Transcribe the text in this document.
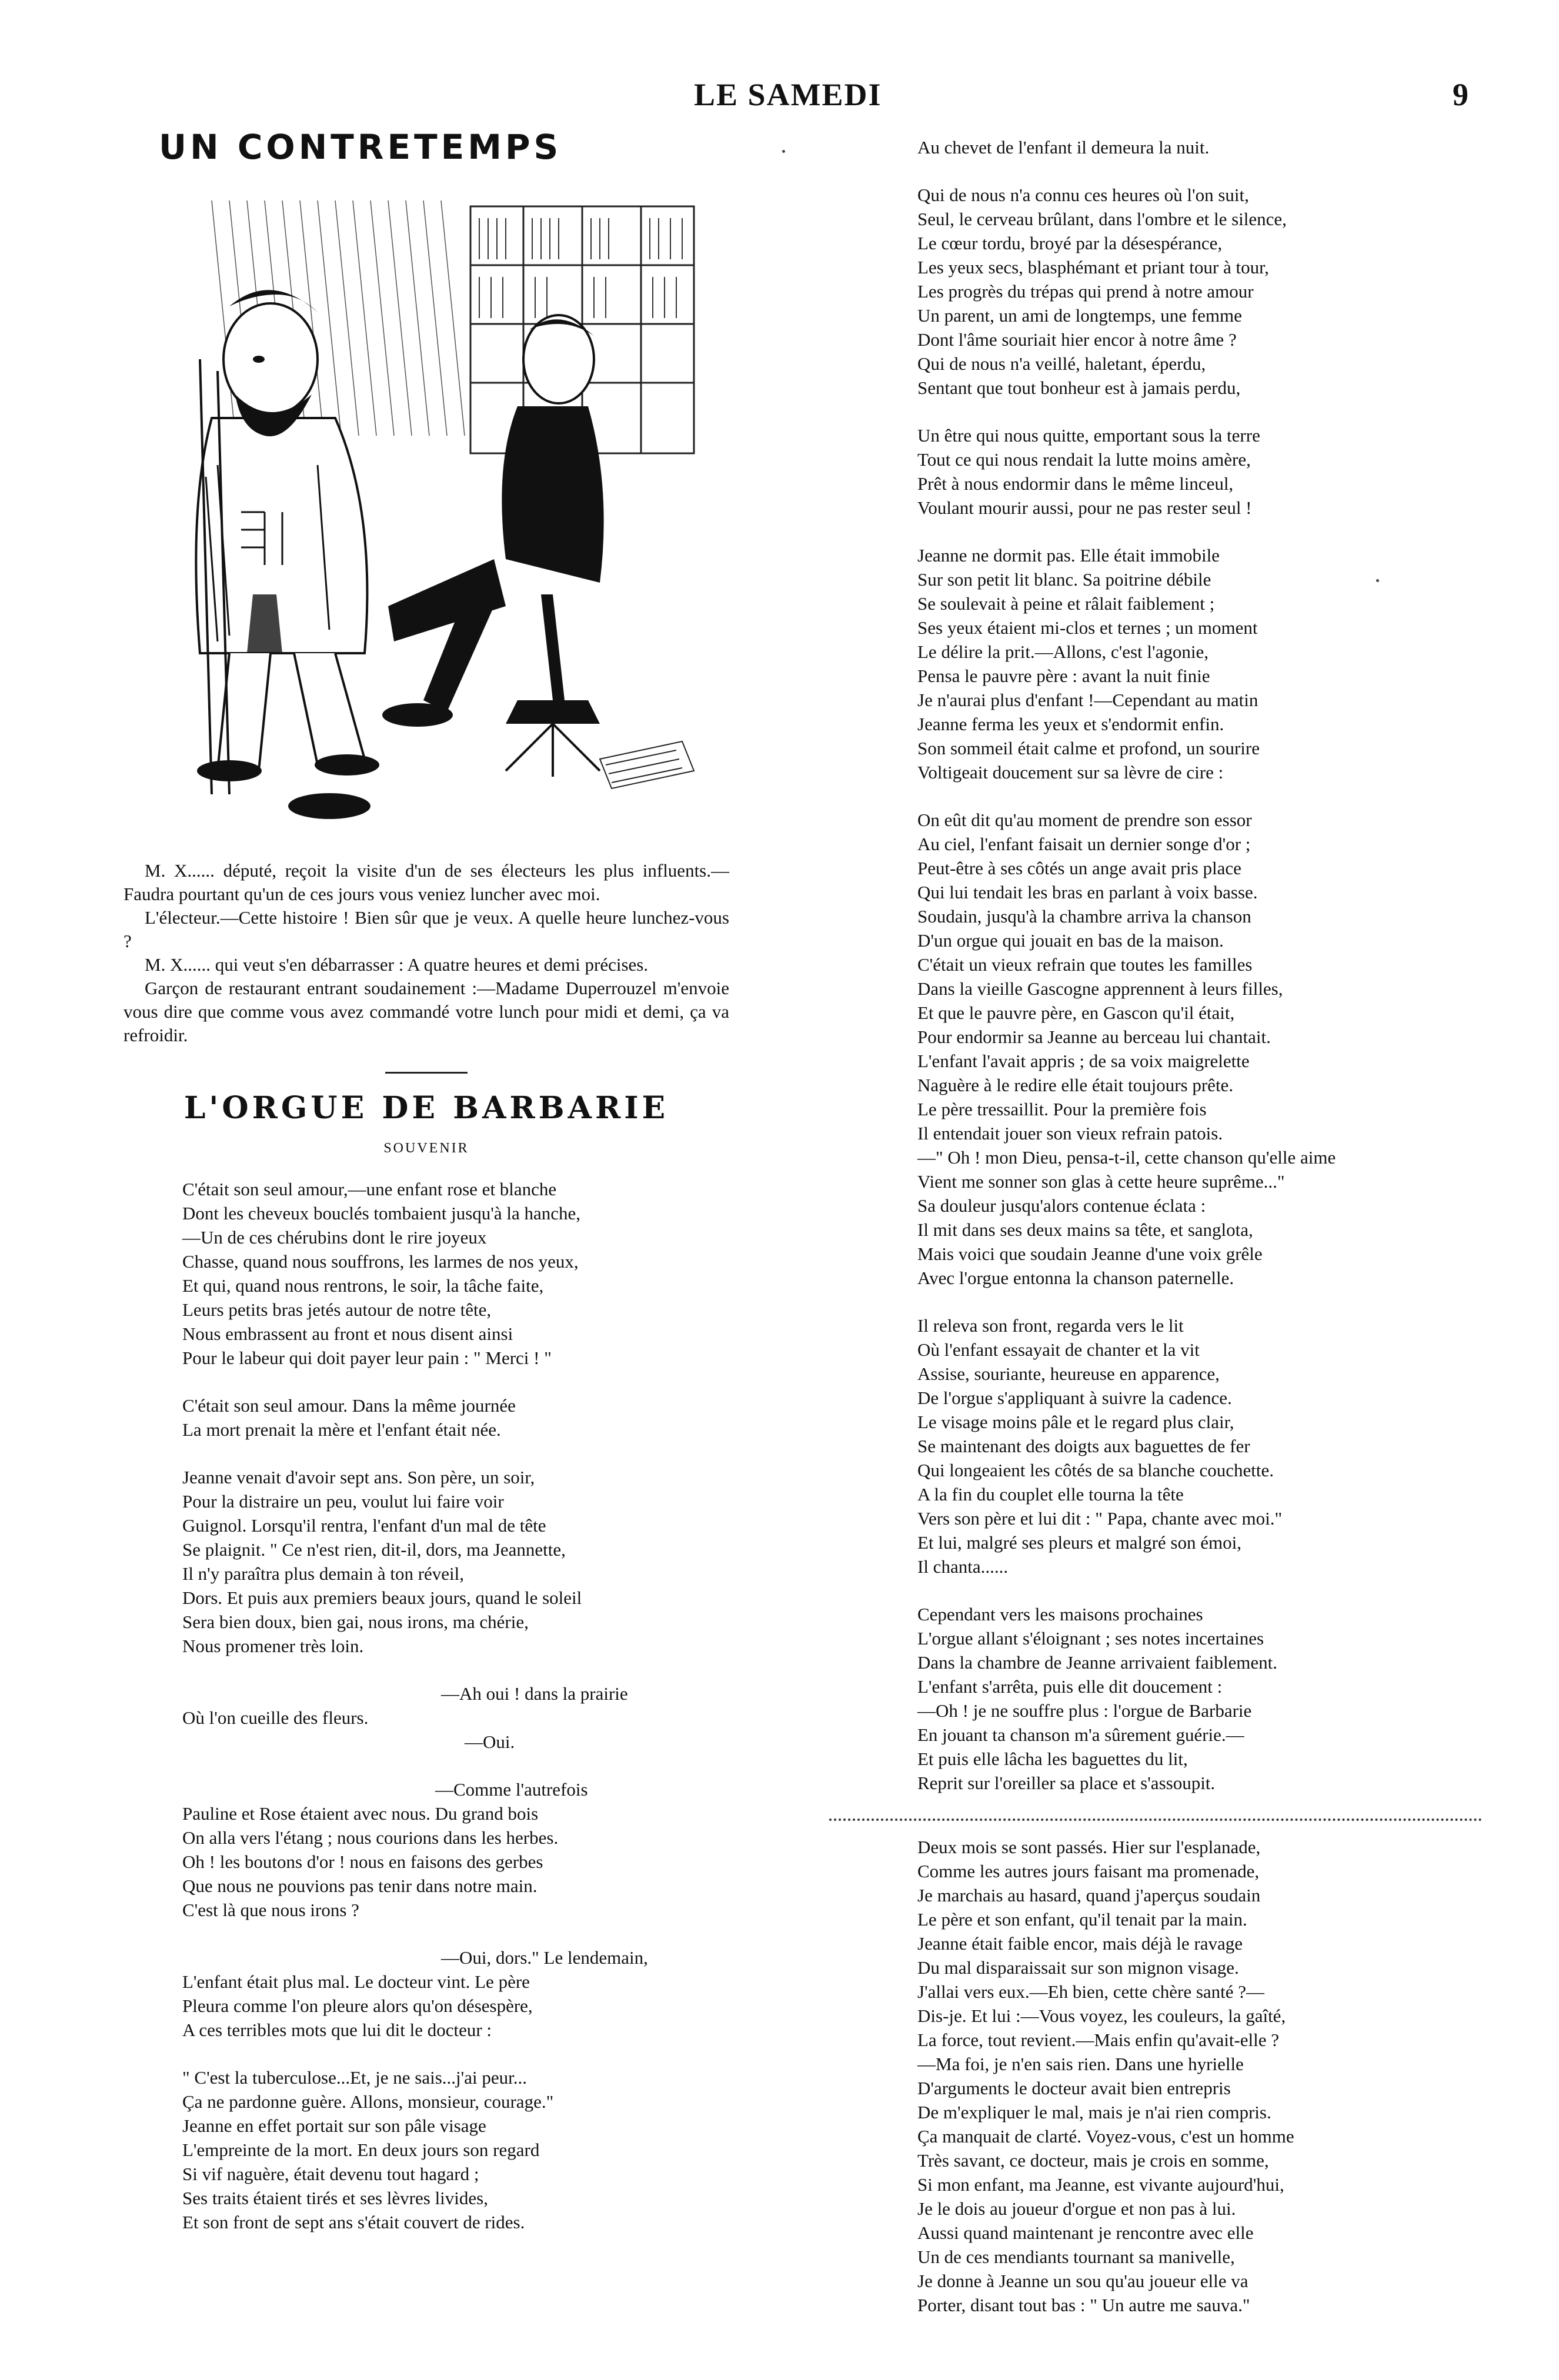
LE SAMEDI	9
UN CONTRETEMPS

M. X...... député, reçoit la visite d'un de ses électeurs les plus influents.—Faudra pourtant qu'un de ces jours vous veniez luncher avec moi.

L'électeur.—Cette histoire ! Bien sûr que je veux. A quelle heure lunchez-vous ?

M. X...... qui veut s'en débarrasser : A quatre heures et demi précises.

Garçon de restaurant entrant soudainement :—Madame Duperrouzel m'envoie vous dire que comme vous avez commandé votre lunch pour midi et demi, ça va refroidir.

L'ORGUE DE BARBARIE
SOUVENIR
C'était son seul amour,—une enfant rose et blanche
Dont les cheveux bouclés tombaient jusqu'à la hanche,
—Un de ces chérubins dont le rire joyeux
Chasse, quand nous souffrons, les larmes de nos yeux,
Et qui, quand nous rentrons, le soir, la tâche faite,
Leurs petits bras jetés autour de notre tête,
Nous embrassent au front et nous disent ainsi
Pour le labeur qui doit payer leur pain : " Merci ! "
C'était son seul amour. Dans la même journée
La mort prenait la mère et l'enfant était née.
Jeanne venait d'avoir sept ans. Son père, un soir,
Pour la distraire un peu, voulut lui faire voir
Guignol. Lorsqu'il rentra, l'enfant d'un mal de tête
Se plaignit. " Ce n'est rien, dit-il, dors, ma Jeannette,
Il n'y paraîtra plus demain à ton réveil,
Dors. Et puis aux premiers beaux jours, quand le soleil
Sera bien doux, bien gai, nous irons, ma chérie,
Nous promener très loin.
—Ah oui ! dans la prairie
Où l'on cueille des fleurs.
—Oui.
—Comme l'autrefois
Pauline et Rose étaient avec nous. Du grand bois
On alla vers l'étang ; nous courions dans les herbes.
Oh ! les boutons d'or ! nous en faisons des gerbes
Que nous ne pouvions pas tenir dans notre main.
C'est là que nous irons ?
—Oui, dors." Le lendemain,
L'enfant était plus mal. Le docteur vint. Le père
Pleura comme l'on pleure alors qu'on désespère,
A ces terribles mots que lui dit le docteur :
" C'est la tuberculose...Et, je ne sais...j'ai peur...
Ça ne pardonne guère. Allons, monsieur, courage."
Jeanne en effet portait sur son pâle visage
L'empreinte de la mort. En deux jours son regard
Si vif naguère, était devenu tout hagard ;
Ses traits étaient tirés et ses lèvres livides,
Et son front de sept ans s'était couvert de rides.
Au chevet de l'enfant il demeura la nuit.
Qui de nous n'a connu ces heures où l'on suit,
Seul, le cerveau brûlant, dans l'ombre et le silence,
Le cœur tordu, broyé par la désespérance,
Les yeux secs, blasphémant et priant tour à tour,
Les progrès du trépas qui prend à notre amour
Un parent, un ami de longtemps, une femme
Dont l'âme souriait hier encor à notre âme ?
Qui de nous n'a veillé, haletant, éperdu,
Sentant que tout bonheur est à jamais perdu,
Un être qui nous quitte, emportant sous la terre
Tout ce qui nous rendait la lutte moins amère,
Prêt à nous endormir dans le même linceul,
Voulant mourir aussi, pour ne pas rester seul !
Jeanne ne dormit pas. Elle était immobile
Sur son petit lit blanc. Sa poitrine débile
Se soulevait à peine et râlait faiblement ;
Ses yeux étaient mi-clos et ternes ; un moment
Le délire la prit.—Allons, c'est l'agonie,
Pensa le pauvre père : avant la nuit finie
Je n'aurai plus d'enfant !—Cependant au matin
Jeanne ferma les yeux et s'endormit enfin.
Son sommeil était calme et profond, un sourire
Voltigeait doucement sur sa lèvre de cire :
On eût dit qu'au moment de prendre son essor
Au ciel, l'enfant faisait un dernier songe d'or ;
Peut-être à ses côtés un ange avait pris place
Qui lui tendait les bras en parlant à voix basse.
Soudain, jusqu'à la chambre arriva la chanson
D'un orgue qui jouait en bas de la maison.
C'était un vieux refrain que toutes les familles
Dans la vieille Gascogne apprennent à leurs filles,
Et que le pauvre père, en Gascon qu'il était,
Pour endormir sa Jeanne au berceau lui chantait.
L'enfant l'avait appris ; de sa voix maigrelette
Naguère à le redire elle était toujours prête.
Le père tressaillit. Pour la première fois
Il entendait jouer son vieux refrain patois.
—" Oh ! mon Dieu, pensa-t-il, cette chanson qu'elle aime
Vient me sonner son glas à cette heure suprême..."
Sa douleur jusqu'alors contenue éclata :
Il mit dans ses deux mains sa tête, et sanglota,
Mais voici que soudain Jeanne d'une voix grêle
Avec l'orgue entonna la chanson paternelle.
Il releva son front, regarda vers le lit
Où l'enfant essayait de chanter et la vit
Assise, souriante, heureuse en apparence,
De l'orgue s'appliquant à suivre la cadence.
Le visage moins pâle et le regard plus clair,
Se maintenant des doigts aux baguettes de fer
Qui longeaient les côtés de sa blanche couchette.
A la fin du couplet elle tourna la tête
Vers son père et lui dit : " Papa, chante avec moi."
Et lui, malgré ses pleurs et malgré son émoi,
Il chanta......
Cependant vers les maisons prochaines
L'orgue allant s'éloignant ; ses notes incertaines
Dans la chambre de Jeanne arrivaient faiblement.
L'enfant s'arrêta, puis elle dit doucement :
—Oh ! je ne souffre plus : l'orgue de Barbarie
En jouant ta chanson m'a sûrement guérie.—
Et puis elle lâcha les baguettes du lit,
Reprit sur l'oreiller sa place et s'assoupit.
Deux mois se sont passés. Hier sur l'esplanade,
Comme les autres jours faisant ma promenade,
Je marchais au hasard, quand j'aperçus soudain
Le père et son enfant, qu'il tenait par la main.
Jeanne était faible encor, mais déjà le ravage
Du mal disparaissait sur son mignon visage.
J'allai vers eux.—Eh bien, cette chère santé ?—
Dis-je. Et lui :—Vous voyez, les couleurs, la gaîté,
La force, tout revient.—Mais enfin qu'avait-elle ?
—Ma foi, je n'en sais rien. Dans une hyrielle
D'arguments le docteur avait bien entrepris
De m'expliquer le mal, mais je n'ai rien compris.
Ça manquait de clarté. Voyez-vous, c'est un homme
Très savant, ce docteur, mais je crois en somme,
Si mon enfant, ma Jeanne, est vivante aujourd'hui,
Je le dois au joueur d'orgue et non pas à lui.
Aussi quand maintenant je rencontre avec elle
Un de ces mendiants tournant sa manivelle,
Je donne à Jeanne un sou qu'au joueur elle va
Porter, disant tout bas : " Un autre me sauva."
